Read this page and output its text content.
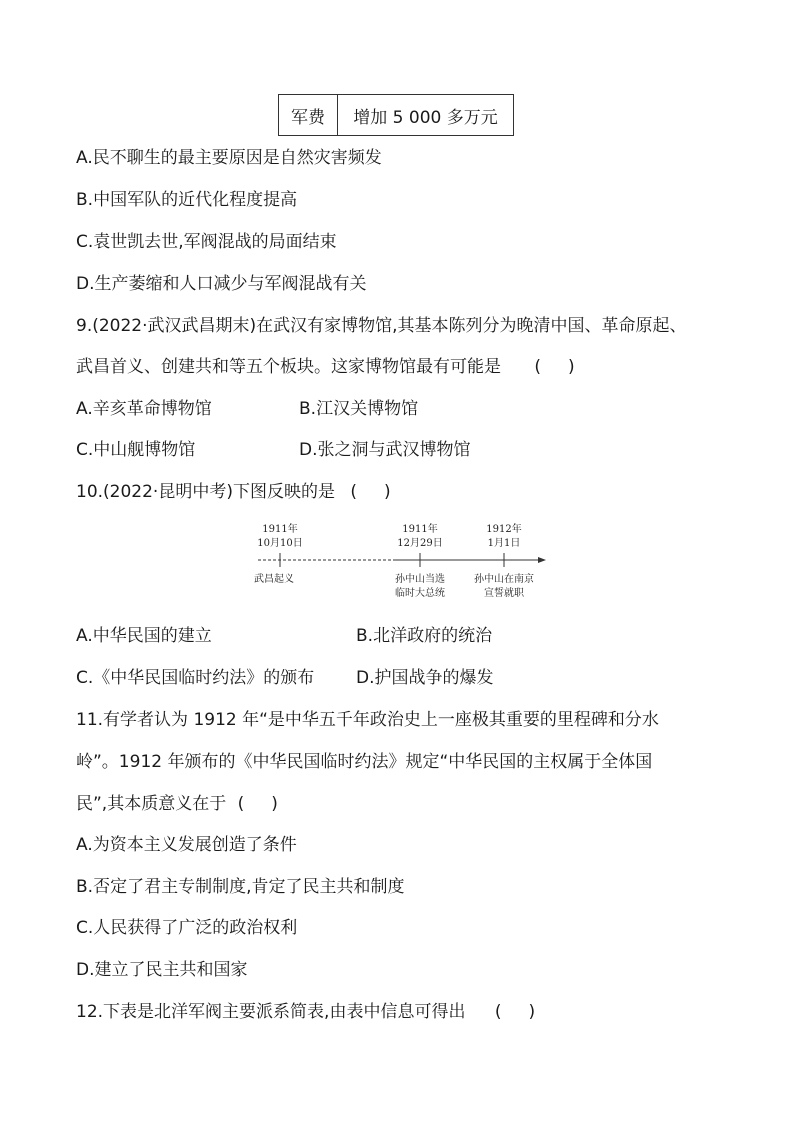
军费	增加 5 000 多万元
A.民不聊生的最主要原因是自然灾害频发
B.中国军队的近代化程度提高
C.袁世凯去世,军阀混战的局面结束
D.生产萎缩和人口减少与军阀混战有关
9.(2022·武汉武昌期末)在武汉有家博物馆,其基本陈列分为晚清中国、革命原起、
武昌首义、创建共和等五个板块。这家博物馆最有可能是 (     )
A.辛亥革命博物馆	B.江汉关博物馆
C.中山舰博物馆	D.张之洞与武汉博物馆
10.(2022·昆明中考)下图反映的是 (     )
1911年
10月10日
武昌起义
1911年
12月29日
孙中山当选
临时大总统
1912年
1月1日
孙中山在南京
宣誓就职
A.中华民国的建立	B.北洋政府的统治
C.《中华民国临时约法》的颁布 D.护国战争的爆发
11.有学者认为 1912 年“是中华五千年政治史上一座极其重要的里程碑和分水
岭”。1912 年颁布的《中华民国临时约法》规定“中华民国的主权属于全体国
民”,其本质意义在于 (     )
A.为资本主义发展创造了条件
B.否定了君主专制制度,肯定了民主共和制度
C.人民获得了广泛的政治权利
D.建立了民主共和国家
12.下表是北洋军阀主要派系简表,由表中信息可得出 (     )
